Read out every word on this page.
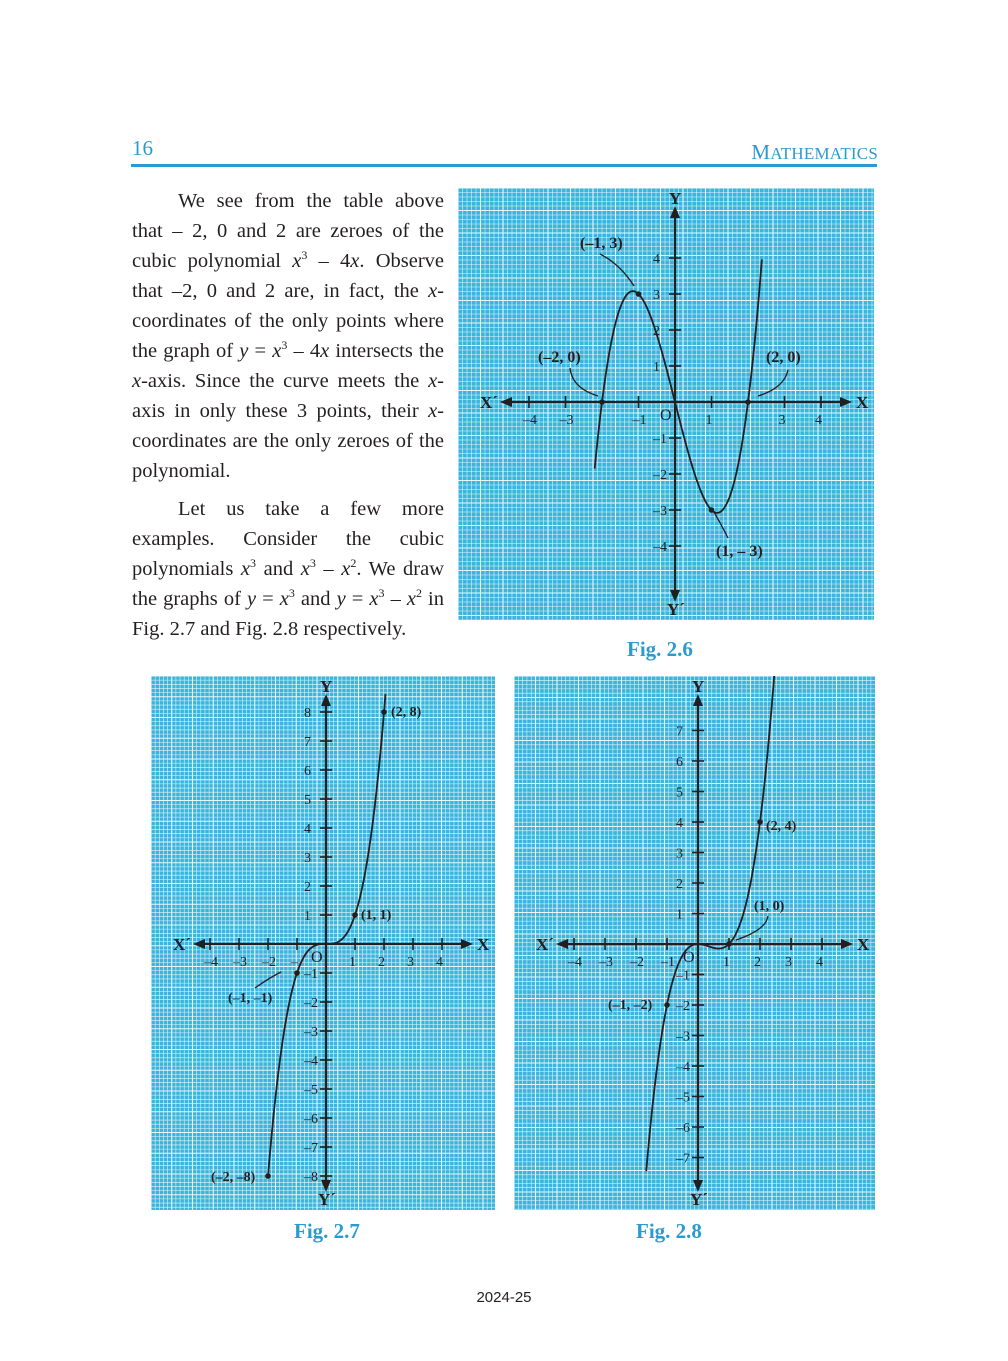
16	MATHEMATICS

We see from the table above that – 2, 0 and 2 are zeroes of the cubic polynomial $x^3 - 4x$. Observe that –2, 0 and 2 are, in fact, the x-coordinates of the only points where the graph of $y = x^3 - 4x$ intersects the x-axis. Since the curve meets the x-axis in only these 3 points, their x-coordinates are the only zeroes of the polynomial.

Let us take a few more examples. Consider the cubic polynomials $x^3$ and $x^3 - x^2$. We draw the graphs of $y = x^3$ and $y = x^3 - x^2$ in Fig. 2.7 and Fig. 2.8 respectively.

X
X´
Y
Y´
O
–4 –3	–1	1	3 4
4
3
2
1
–1
–2
–3
–4
(–1, 3)
(–2, 0)	(2, 0)
(1, – 3)
Fig. 2.6
X
X´
Y
Y´
O
–4 –3 –2 –	1 2 3 4
8
7
6
5
4
3
2
1
–1
–2
–3
–4
–5
–6
–7
–8
(2, 8)
(1, 1)
(–1, –1)
(–2, –8)
Fig. 2.7
X
X´
Y
Y´
O
–4 –3 –2 –1	1 2 3 4
7
6
5
4
3
2
1
–1
–2
–3
–4
–5
–6
–7
(2, 4)
(1, 0)
(–1, –2)
Fig. 2.8
2024-25
